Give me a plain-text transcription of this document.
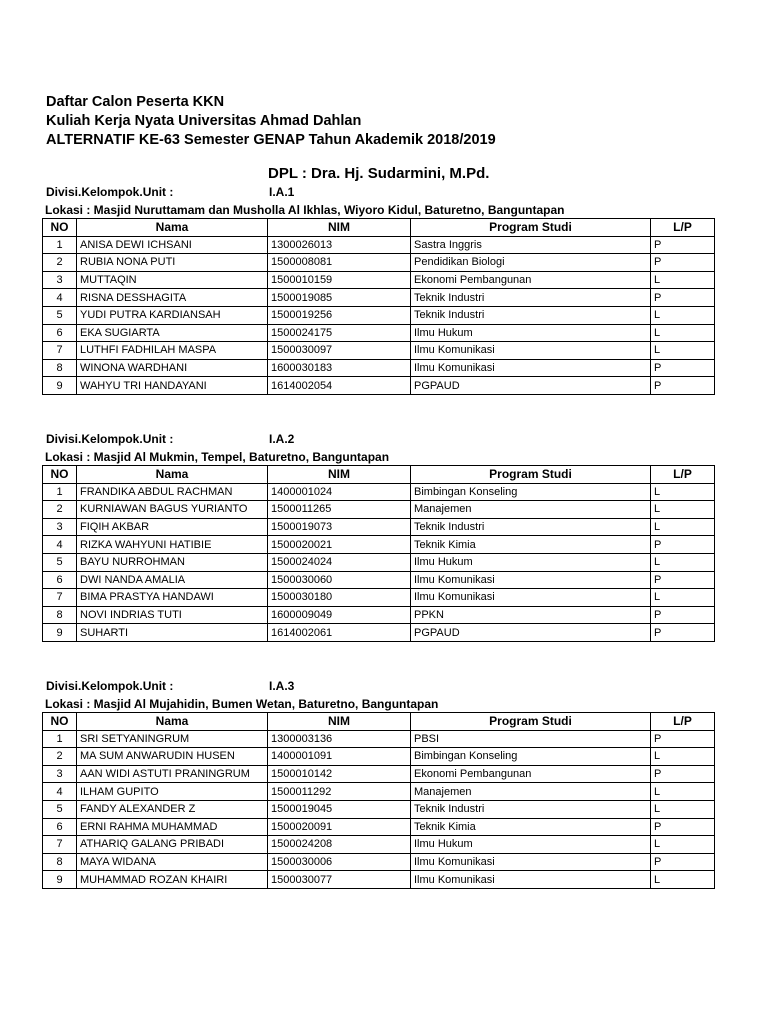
Daftar Calon Peserta KKN
Kuliah Kerja Nyata Universitas Ahmad Dahlan
ALTERNATIF KE-63 Semester GENAP Tahun Akademik 2018/2019
DPL : Dra. Hj. Sudarmini, M.Pd.
Divisi.Kelompok.Unit :	I.A.1
Lokasi : Masjid Nuruttamam dan Musholla Al Ikhlas, Wiyoro Kidul, Baturetno, Banguntapan
NO	Nama	NIM	Program Studi	L/P
1	ANISA DEWI ICHSANI	1300026013	Sastra Inggris	P
2	RUBIA NONA PUTI	1500008081	Pendidikan Biologi	P
3	MUTTAQIN	1500010159	Ekonomi Pembangunan	L
4	RISNA DESSHAGITA	1500019085	Teknik Industri	P
5	YUDI PUTRA KARDIANSAH	1500019256	Teknik Industri	L
6	EKA SUGIARTA	1500024175	Ilmu Hukum	L
7	LUTHFI FADHILAH MASPA	1500030097	Ilmu Komunikasi	L
8	WINONA WARDHANI	1600030183	Ilmu Komunikasi	P
9	WAHYU TRI HANDAYANI	1614002054	PGPAUD	P
Divisi.Kelompok.Unit :	I.A.2
Lokasi : Masjid Al Mukmin, Tempel, Baturetno, Banguntapan
NO	Nama	NIM	Program Studi	L/P
1	FRANDIKA ABDUL RACHMAN	1400001024	Bimbingan Konseling	L
2	KURNIAWAN BAGUS YURIANTO	1500011265	Manajemen	L
3	FIQIH AKBAR	1500019073	Teknik Industri	L
4	RIZKA WAHYUNI HATIBIE	1500020021	Teknik Kimia	P
5	BAYU NURROHMAN	1500024024	Ilmu Hukum	L
6	DWI NANDA AMALIA	1500030060	Ilmu Komunikasi	P
7	BIMA PRASTYA HANDAWI	1500030180	Ilmu Komunikasi	L
8	NOVI INDRIAS TUTI	1600009049	PPKN	P
9	SUHARTI	1614002061	PGPAUD	P
Divisi.Kelompok.Unit :	I.A.3
Lokasi : Masjid Al Mujahidin, Bumen Wetan, Baturetno, Banguntapan
NO	Nama	NIM	Program Studi	L/P
1	SRI SETYANINGRUM	1300003136	PBSI	P
2	MA SUM ANWARUDIN HUSEN	1400001091	Bimbingan Konseling	L
3	AAN WIDI ASTUTI PRANINGRUM	1500010142	Ekonomi Pembangunan	P
4	ILHAM GUPITO	1500011292	Manajemen	L
5	FANDY ALEXANDER Z	1500019045	Teknik Industri	L
6	ERNI RAHMA MUHAMMAD	1500020091	Teknik Kimia	P
7	ATHARIQ GALANG PRIBADI	1500024208	Ilmu Hukum	L
8	MAYA WIDANA	1500030006	Ilmu Komunikasi	P
9	MUHAMMAD ROZAN KHAIRI	1500030077	Ilmu Komunikasi	L
